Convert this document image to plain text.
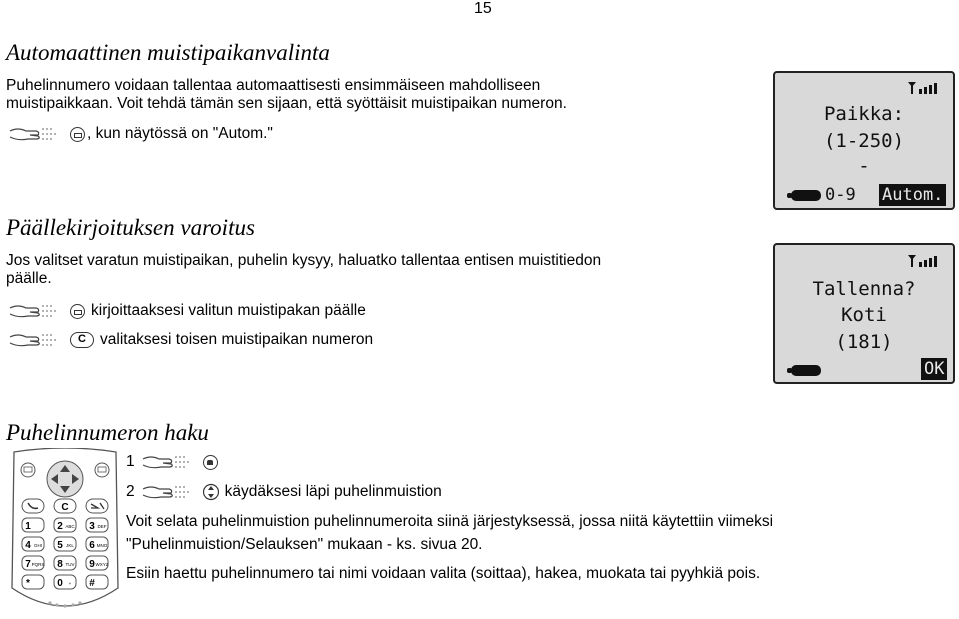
15
Automaattinen muistipaikanvalinta
Puhelinnumero voidaan tallentaa automaattisesti ensimmäiseen mahdolliseen
muistipaikkaan. Voit tehdä tämän sen sijaan, että syöttäisit muistipaikan numeron.
, kun näytössä on "Autom."
Paikka:
(1-250)
-
0-9 Autom.
Päällekirjoituksen varoitus
Jos valitset varatun muistipaikan, puhelin kysyy, haluatko tallentaa entisen muistitiedon
päälle.
kirjoittaaksesi valitun muistipakan päälle
C valitaksesi toisen muistipaikan numeron
Tallenna?
Koti
(181)
OK
Puhelinnumeron haku
C
1	2 ABC 3 DEF
4 GHI 5 JKL 6 MNO
7 PQRS 8 TUV 9 WXYZ
*	0 + #
1
2	käydäksesi läpi puhelinmuistion
Voit selata puhelinmuistion puhelinnumeroita siinä järjestyksessä, jossa niitä käytettiin viimeksi
"Puhelinmuistion/Selauksen" mukaan - ks. sivua 20.
Esiin haettu puhelinnumero tai nimi voidaan valita (soittaa), hakea, muokata tai pyyhkiä pois.
